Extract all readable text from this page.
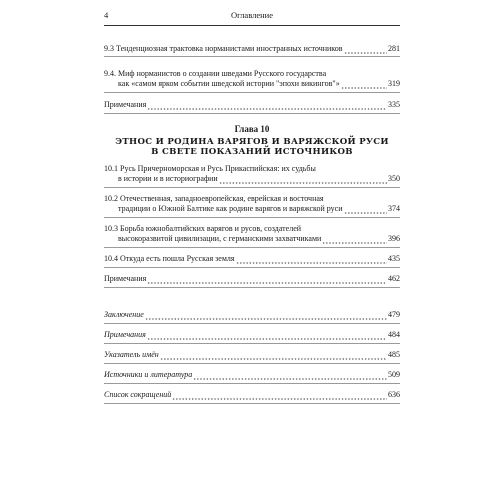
4	Оглавление
9.3 Тенденциозная трактовка норманистами иностранных источников	281
9.4. Миф норманистов о создании шведами Русского государства
как «самом ярком событии шведской истории "эпохи викингов"»	319
Примечания	335
Глава 10
ЭТНОС И РОДИНА ВАРЯГОВ И ВАРЯЖСКОЙ РУСИ
В СВЕТЕ ПОКАЗАНИЙ ИСТОЧНИКОВ
10.1 Русь Причерноморская и Русь Прикаспийская: их судьбы
в истории и в историографии	350
10.2 Отечественная, западноевропейская, еврейская и восточная
традиции о Южной Балтике как родине варягов и варяжской руси	374
10.3 Борьба южнобалтийских варягов и русов, создателей
высокоразвитой цивилизации, с германскими захватчиками	396
10.4 Откуда есть пошла Русская земля	435
Примечания	462
Заключение	479
Примечания	484
Указатель имён	485
Источники и литература	509
Список сокращений	636
